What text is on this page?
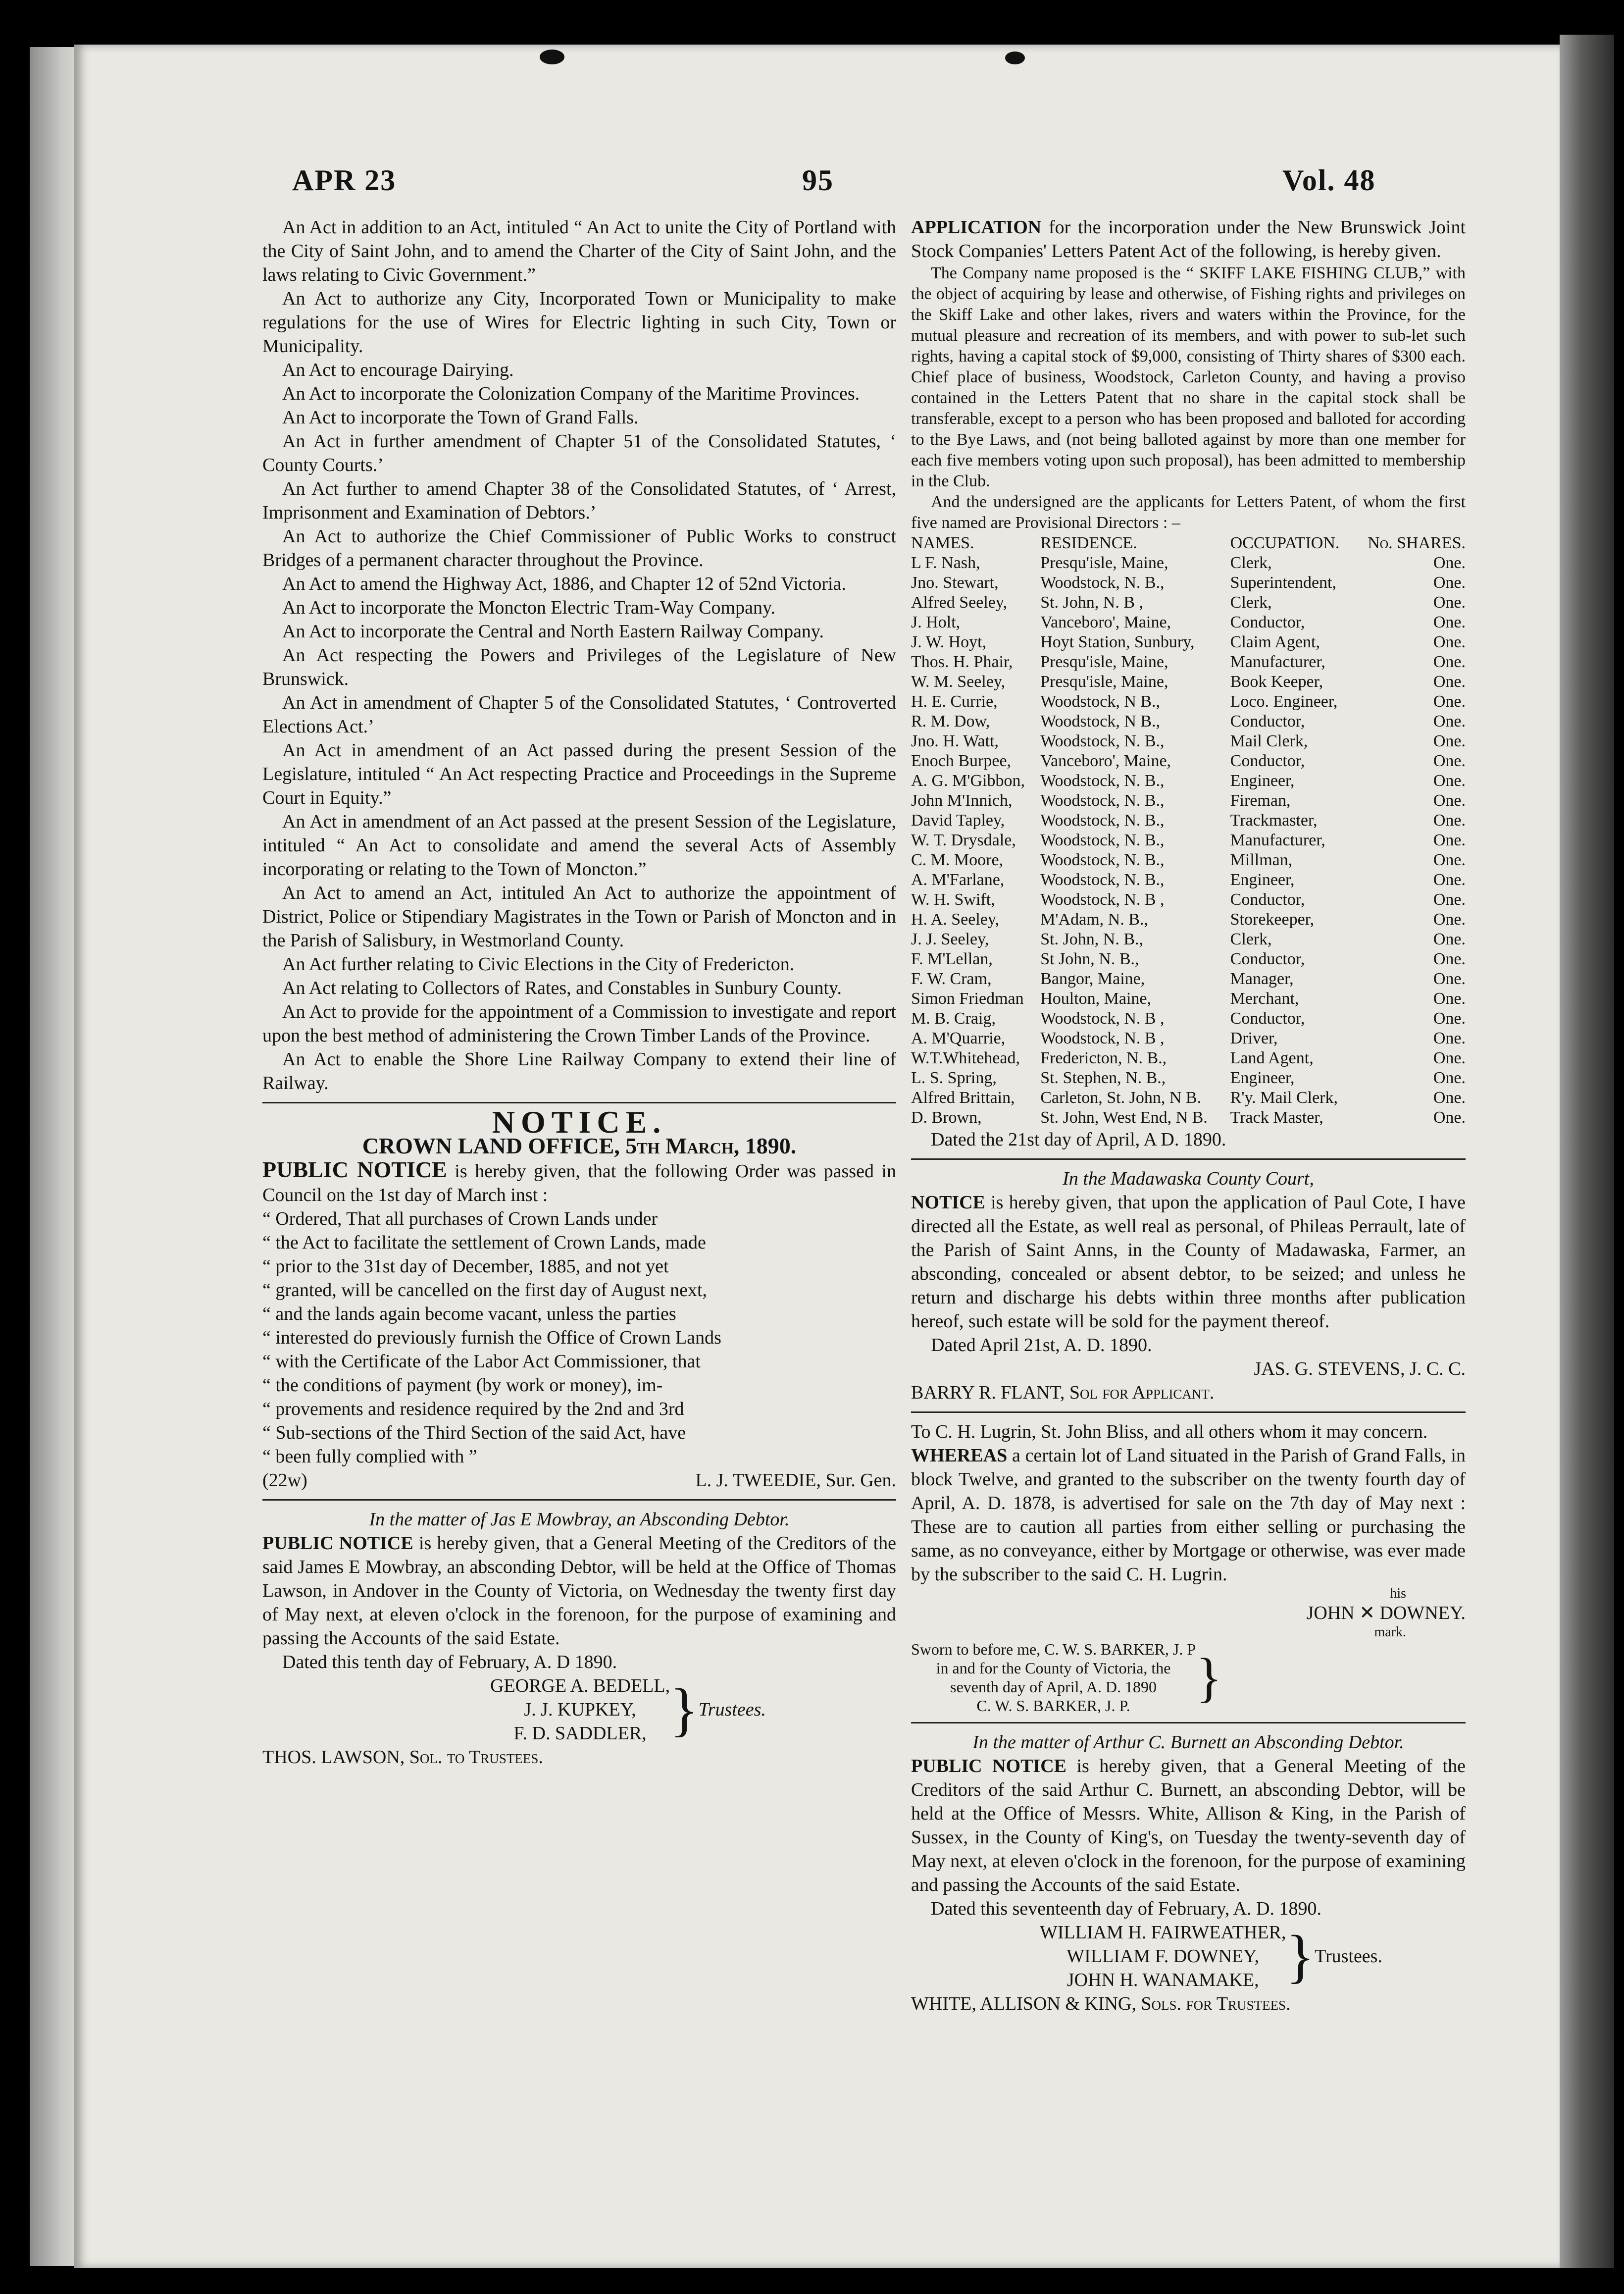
APR 23	95	Vol. 48

An Act in addition to an Act, intituled “ An Act to unite the City of Portland with the City of Saint John, and to amend the Charter of the City of Saint John, and the laws relating to Civic Government.”

An Act to authorize any City, Incorporated Town or Municipality to make regulations for the use of Wires for Electric lighting in such City, Town or Municipality.

An Act to encourage Dairying.

An Act to incorporate the Colonization Company of the Maritime Provinces.

An Act to incorporate the Town of Grand Falls.

An Act in further amendment of Chapter 51 of the Consolidated Statutes, ‘ County Courts.’

An Act further to amend Chapter 38 of the Consolidated Statutes, of ‘ Arrest, Imprisonment and Examination of Debtors.’

An Act to authorize the Chief Commissioner of Public Works to construct Bridges of a permanent character throughout the Province.

An Act to amend the Highway Act, 1886, and Chapter 12 of 52nd Victoria.

An Act to incorporate the Moncton Electric Tram-Way Company.

An Act to incorporate the Central and North Eastern Railway Company.

An Act respecting the Powers and Privileges of the Legislature of New Brunswick.

An Act in amendment of Chapter 5 of the Consolidated Statutes, ‘ Controverted Elections Act.’

An Act in amendment of an Act passed during the present Session of the Legislature, intituled “ An Act respecting Practice and Proceedings in the Supreme Court in Equity.”

An Act in amendment of an Act passed at the present Session of the Legislature, intituled “ An Act to consolidate and amend the several Acts of Assembly incorporating or relating to the Town of Moncton.”

An Act to amend an Act, intituled An Act to authorize the appointment of District, Police or Stipendiary Magistrates in the Town or Parish of Moncton and in the Parish of Salisbury, in Westmorland County.

An Act further relating to Civic Elections in the City of Fredericton.

An Act relating to Collectors of Rates, and Constables in Sunbury County.

An Act to provide for the appointment of a Commission to investigate and report upon the best method of administering the Crown Timber Lands of the Province.

An Act to enable the Shore Line Railway Company to extend their line of Railway.

NOTICE.

CROWN LAND OFFICE, 5th March, 1890.

PUBLIC NOTICE is hereby given, that the following Order was passed in Council on the 1st day of March inst :

“ Ordered, That all purchases of Crown Lands under
“ the Act to facilitate the settlement of Crown Lands, made
“ prior to the 31st day of December, 1885, and not yet
“ granted, will be cancelled on the first day of August next,
“ and the lands again become vacant, unless the parties
“ interested do previously furnish the Office of Crown Lands
“ with the Certificate of the Labor Act Commissioner, that
“ the conditions of payment (by work or money), im-
“ provements and residence required by the 2nd and 3rd
“ Sub-sections of the Third Section of the said Act, have
“ been fully complied with ”
(22w)	L. J. TWEEDIE, Sur. Gen.

In the matter of Jas E Mowbray, an Absconding Debtor.

PUBLIC NOTICE is hereby given, that a General Meeting of the Creditors of the said James E Mowbray, an absconding Debtor, will be held at the Office of Thomas Lawson, in Andover in the County of Victoria, on Wednesday the twenty first day of May next, at eleven o'clock in the forenoon, for the purpose of examining and passing the Accounts of the said Estate.

Dated this tenth day of February, A. D 1890.

GEORGE A. BEDELL,
J. J. KUPKEY,
F. D. SADDLER, } Trustees.

THOS. LAWSON, Sol. to Trustees.

APPLICATION for the incorporation under the New Brunswick Joint Stock Companies' Letters Patent Act of the following, is hereby given.

The Company name proposed is the “ SKIFF LAKE FISHING CLUB,” with the object of acquiring by lease and otherwise, of Fishing rights and privileges on the Skiff Lake and other lakes, rivers and waters within the Province, for the mutual pleasure and recreation of its members, and with power to sub-let such rights, having a capital stock of $9,000, consisting of Thirty shares of $300 each. Chief place of business, Woodstock, Carleton County, and having a proviso contained in the Letters Patent that no share in the capital stock shall be transferable, except to a person who has been proposed and balloted for according to the Bye Laws, and (not being balloted against by more than one member for each five members voting upon such proposal), has been admitted to membership in the Club.

And the undersigned are the applicants for Letters Patent, of whom the first five named are Provisional Directors : –

NAMES.	RESIDENCE.	OCCUPATION.	No. SHARES.
L F. Nash,	Presqu'isle, Maine,	Clerk,	One.
Jno. Stewart,	Woodstock, N. B.,	Superintendent,	One.
Alfred Seeley,	St. John, N. B ,	Clerk,	One.
J. Holt,	Vanceboro', Maine,	Conductor,	One.
J. W. Hoyt,	Hoyt Station, Sunbury,	Claim Agent,	One.
Thos. H. Phair,	Presqu'isle, Maine,	Manufacturer,	One.
W. M. Seeley,	Presqu'isle, Maine,	Book Keeper,	One.
H. E. Currie,	Woodstock, N B.,	Loco. Engineer,	One.
R. M. Dow,	Woodstock, N B.,	Conductor,	One.
Jno. H. Watt,	Woodstock, N. B.,	Mail Clerk,	One.
Enoch Burpee,	Vanceboro', Maine,	Conductor,	One.
A. G. M'Gibbon,	Woodstock, N. B.,	Engineer,	One.
John M'Innich,	Woodstock, N. B.,	Fireman,	One.
David Tapley,	Woodstock, N. B.,	Trackmaster,	One.
W. T. Drysdale,	Woodstock, N. B.,	Manufacturer,	One.
C. M. Moore,	Woodstock, N. B.,	Millman,	One.
A. M'Farlane,	Woodstock, N. B.,	Engineer,	One.
W. H. Swift,	Woodstock, N. B ,	Conductor,	One.
H. A. Seeley,	M'Adam, N. B.,	Storekeeper,	One.
J. J. Seeley,	St. John, N. B.,	Clerk,	One.
F. M'Lellan,	St John, N. B.,	Conductor,	One.
F. W. Cram,	Bangor, Maine,	Manager,	One.
Simon Friedman	Houlton, Maine,	Merchant,	One.
M. B. Craig,	Woodstock, N. B ,	Conductor,	One.
A. M'Quarrie,	Woodstock, N. B ,	Driver,	One.
W.T.Whitehead,	Fredericton, N. B.,	Land Agent,	One.
L. S. Spring,	St. Stephen, N. B.,	Engineer,	One.
Alfred Brittain,	Carleton, St. John, N B.	R'y. Mail Clerk,	One.
D. Brown,	St. John, West End, N B.	Track Master,	One.

Dated the 21st day of April, A D. 1890.

In the Madawaska County Court,

NOTICE is hereby given, that upon the application of Paul Cote, I have directed all the Estate, as well real as personal, of Phileas Perrault, late of the Parish of Saint Anns, in the County of Madawaska, Farmer, an absconding, concealed or absent debtor, to be seized; and unless he return and discharge his debts within three months after publication hereof, such estate will be sold for the payment thereof.

Dated April 21st, A. D. 1890.

JAS. G. STEVENS, J. C. C.

BARRY R. FLANT, Sol for Applicant.

To C. H. Lugrin, St. John Bliss, and all others whom it may concern.

WHEREAS a certain lot of Land situated in the Parish of Grand Falls, in block Twelve, and granted to the subscriber on the twenty fourth day of April, A. D. 1878, is advertised for sale on the 7th day of May next : These are to caution all parties from either selling or purchasing the same, as no conveyance, either by Mortgage or otherwise, was ever made by the subscriber to the said C. H. Lugrin.

his
JOHN ✕ DOWNEY.
mark.
Sworn to before me, C. W. S. BARKER, J. P
in and for the County of Victoria, the
seventh day of April, A. D. 1890
C. W. S. BARKER, J. P.	}

In the matter of Arthur C. Burnett an Absconding Debtor.

PUBLIC NOTICE is hereby given, that a General Meeting of the Creditors of the said Arthur C. Burnett, an absconding Debtor, will be held at the Office of Messrs. White, Allison & King, in the Parish of Sussex, in the County of King's, on Tuesday the twenty-seventh day of May next, at eleven o'clock in the forenoon, for the purpose of examining and passing the Accounts of the said Estate.

Dated this seventeenth day of February, A. D. 1890.

WILLIAM H. FAIRWEATHER,
WILLIAM F. DOWNEY,
JOHN H. WANAMAKE, } Trustees.

WHITE, ALLISON & KING, Sols. for Trustees.
